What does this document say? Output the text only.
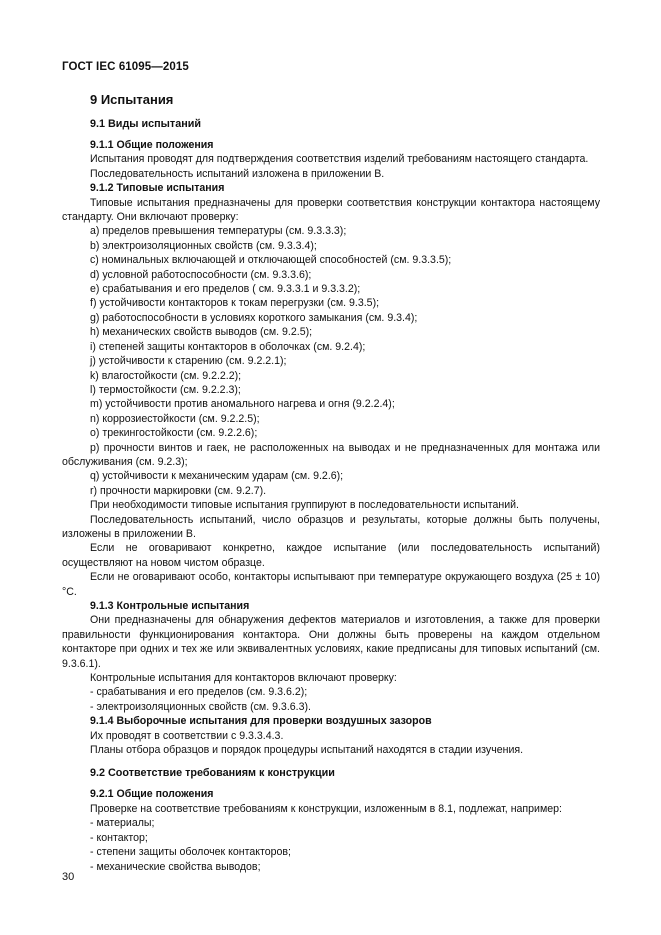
ГОСТ IEC 61095—2015
9 Испытания
9.1 Виды испытаний
9.1.1 Общие положения

Испытания проводят для подтверждения соответствия изделий требованиям настоящего стандарта.

Последовательность испытаний изложена в приложении В.

9.1.2 Типовые испытания

Типовые испытания предназначены для проверки соответствия конструкции контактора настоящему стандарту. Они включают проверку:

a) пределов превышения температуры (см. 9.3.3.3);

b) электроизоляционных свойств (см. 9.3.3.4);

c) номинальных включающей и отключающей способностей (см. 9.3.3.5);

d) условной работоспособности (см. 9.3.3.6);

e) срабатывания и его пределов ( см. 9.3.3.1 и 9.3.3.2);

f) устойчивости контакторов к токам перегрузки (см. 9.3.5);

g) работоспособности в условиях короткого замыкания (см. 9.3.4);

h) механических свойств выводов (см. 9.2.5);

i) степеней защиты контакторов в оболочках (см. 9.2.4);

j) устойчивости к старению (см. 9.2.2.1);

k) влагостойкости (см. 9.2.2.2);

l) термостойкости (см. 9.2.2.3);

m) устойчивости против аномального нагрева и огня (9.2.2.4);

n) коррозиестойкости (см. 9.2.2.5);

o) трекингостойкости (см. 9.2.2.6);

p) прочности винтов и гаек, не расположенных на выводах и не предназначенных для монтажа или обслуживания (см. 9.2.3);

q) устойчивости к механическим ударам (см. 9.2.6);

r) прочности маркировки (см. 9.2.7).

При необходимости типовые испытания группируют в последовательности испытаний.

Последовательность испытаний, число образцов и результаты, которые должны быть получены, изложены в приложении В.

Если не оговаривают конкретно, каждое испытание (или последовательность испытаний) осуществляют на новом чистом образце.

Если не оговаривают особо, контакторы испытывают при температуре окружающего воздуха (25 ± 10) °С.

9.1.3 Контрольные испытания

Они предназначены для обнаружения дефектов материалов и изготовления, а также для проверки правильности функционирования контактора. Они должны быть проверены на каждом отдельном контакторе при одних и тех же или эквивалентных условиях, какие предписаны для типовых испытаний (см. 9.3.6.1).

Контрольные испытания для контакторов включают проверку:

- срабатывания и его пределов (см. 9.3.6.2);

- электроизоляционных свойств (см. 9.3.6.3).

9.1.4 Выборочные испытания для проверки воздушных зазоров

Их проводят в соответствии с 9.3.3.4.3.

Планы отбора образцов и порядок процедуры испытаний находятся в стадии изучения.

9.2 Соответствие требованиям к конструкции
9.2.1 Общие положения

Проверке на соответствие требованиям к конструкции, изложенным в 8.1, подлежат, например:

- материалы;

- контактор;

- степени защиты оболочек контакторов;

- механические свойства выводов;

30
